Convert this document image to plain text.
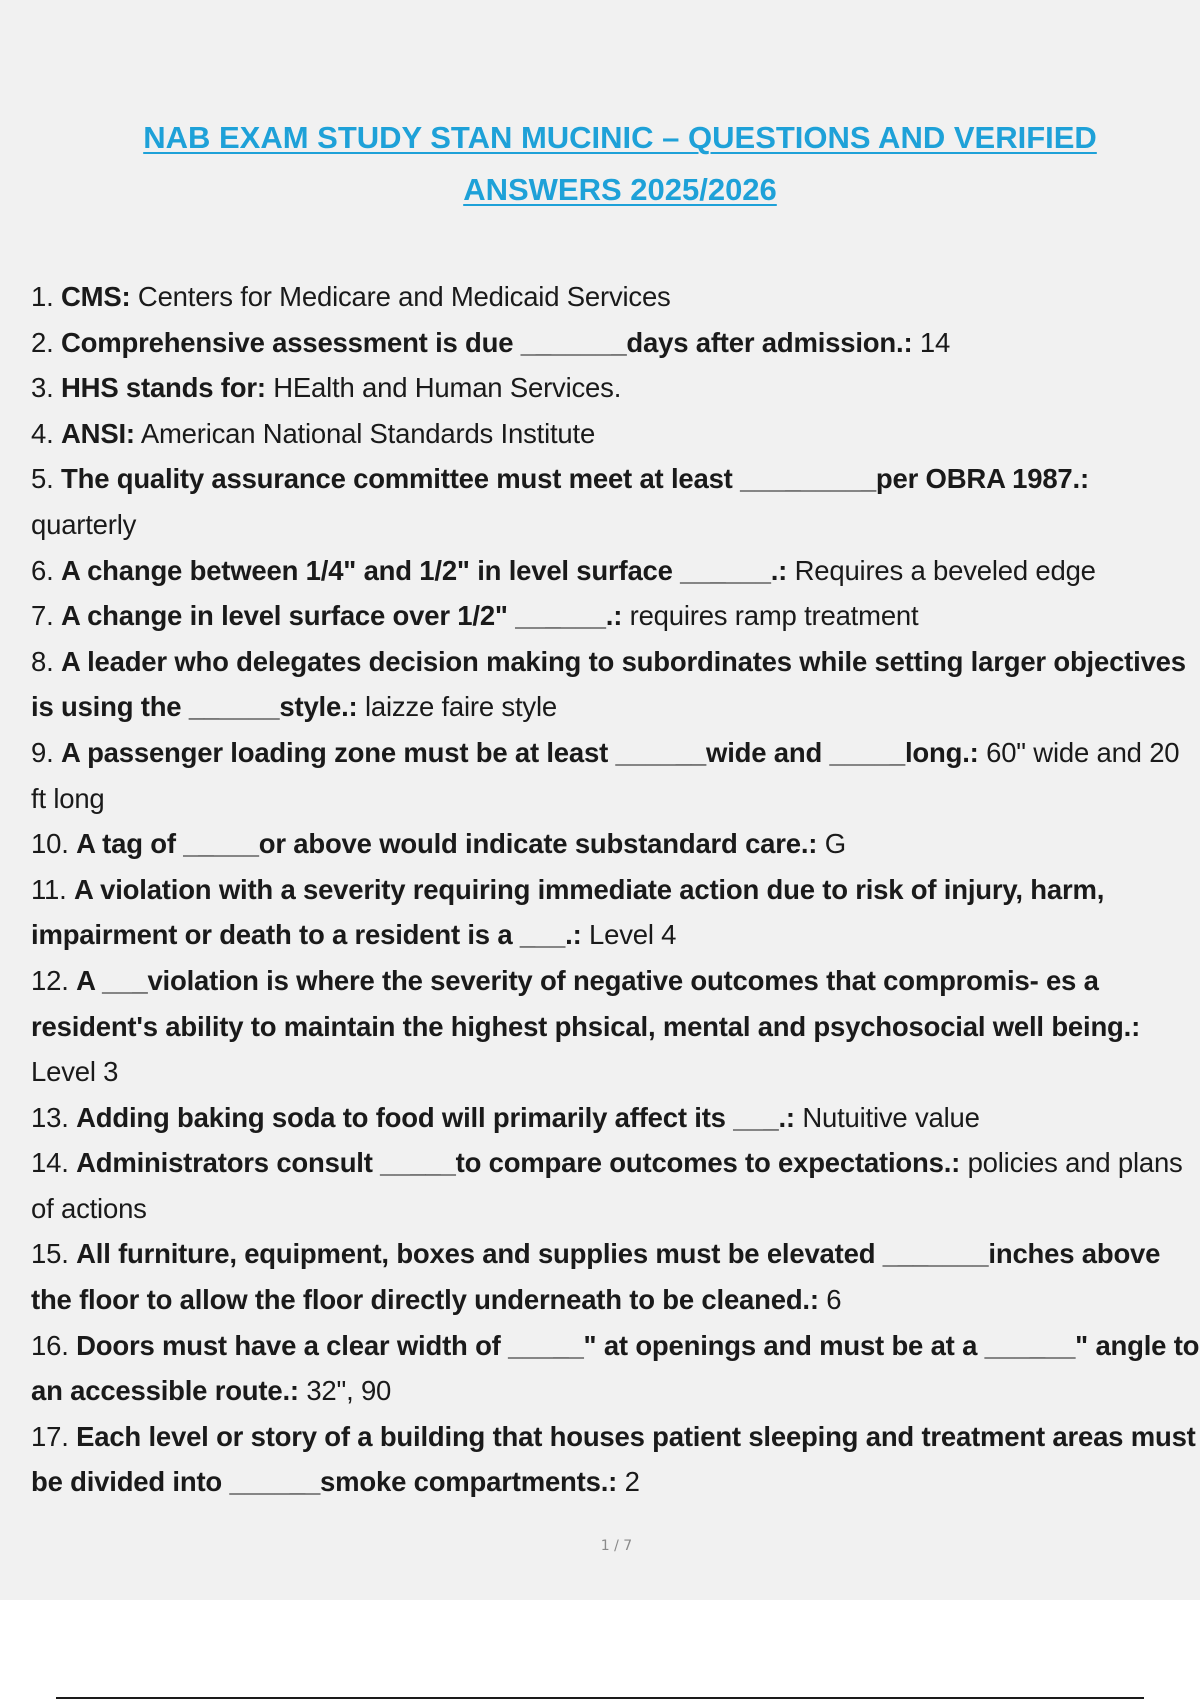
NAB EXAM STUDY STAN MUCINIC – QUESTIONS AND VERIFIED
ANSWERS 2025/2026

1. CMS: Centers for Medicare and Medicaid Services

2. Comprehensive assessment is due _______days after admission.: 14

3. HHS stands for: HEalth and Human Services.

4. ANSI: American National Standards Institute

5. The quality assurance committee must meet at least _________per OBRA 1987.: quarterly

6. A change between 1/4" and 1/2" in level surface ______.: Requires a beveled edge

7. A change in level surface over 1/2" ______.: requires ramp treatment

8. A leader who delegates decision making to subordinates while setting larger objectives is using the ______style.: laizze faire style

9. A passenger loading zone must be at least ______wide and _____long.: 60" wide and 20 ft long

10. A tag of _____or above would indicate substandard care.: G

11. A violation with a severity requiring immediate action due to risk of injury, harm, impairment or death to a resident is a ___.: Level 4

12. A ___violation is where the severity of negative outcomes that compromis- es a resident's ability to maintain the highest phsical, mental and psychosocial well being.: Level 3

13. Adding baking soda to food will primarily affect its ___.: Nutuitive value

14. Administrators consult _____to compare outcomes to expectations.: policies and plans of actions

15. All furniture, equipment, boxes and supplies must be elevated _______inches above the floor to allow the floor directly underneath to be cleaned.: 6

16. Doors must have a clear width of _____" at openings and must be at a ______" angle to an accessible route.: 32", 90

17. Each level or story of a building that houses patient sleeping and treatment areas must be divided into ______smoke compartments.: 2

1 / 7
